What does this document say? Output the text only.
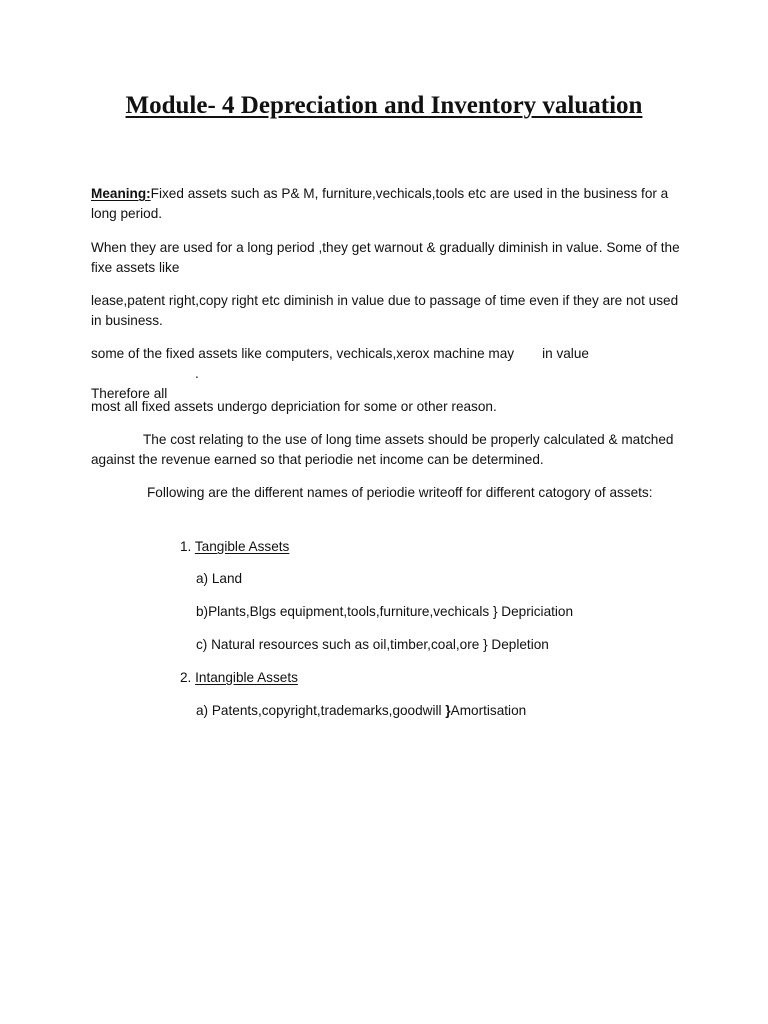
Module- 4 Depreciation and Inventory valuation

Meaning:Fixed assets such as P& M, furniture,vechicals,tools etc are used in the business for a long period.

When they are used for a long period ,they get warnout & gradually diminish in value. Some of the fixe assets like

lease,patent right,copy right etc diminish in value due to passage of time even if they are not used in business.

some of the fixed assets like computers, vechicals,xerox machine may in value.
Therefore all

most all fixed assets undergo depriciation for some or other reason.

The cost relating to the use of long time assets should be properly calculated & matched against the revenue earned so that periodie net income can be determined.

Following are the different names of periodie writeoff for different catogory of assets:

1. Tangible Assets

a) Land

b)Plants,Blgs equipment,tools,furniture,vechicals } Depriciation

c) Natural resources such as oil,timber,coal,ore } Depletion

2. Intangible Assets

a) Patents,copyright,trademarks,goodwill }Amortisation
